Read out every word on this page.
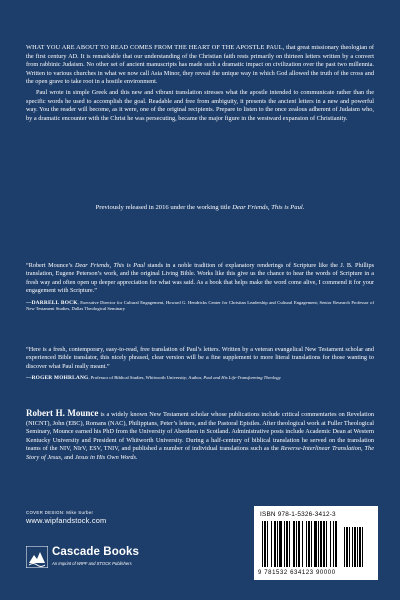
WHAT YOU ARE ABOUT TO READ COMES FROM THE HEART OF THE APOSTLE PAUL, that great missionary theologian of the first century AD. It is remarkable that our understanding of the Christian faith rests primarily on thirteen letters written by a convert from rabbinic Judaism. No other set of ancient manuscripts has made such a dramatic impact on civilization over the past two millennia. Written to various churches in what we now call Asia Minor, they reveal the unique way in which God allowed the truth of the cross and the open grave to take root in a hostile environment.

Paul wrote in simple Greek and this new and vibrant translation stresses what the apostle intended to communicate rather than the specific words he used to accomplish the goal. Readable and free from ambiguity, it presents the ancient letters in a new and powerful way. You the reader will become, as it were, one of the original recipients. Prepare to listen to the once zealous adherent of Judaism who, by a dramatic encounter with the Christ he was persecuting, became the major figure in the westward expansion of Christianity.

Previously released in 2016 under the working title Dear Friends, This is Paul.

“Robert Mounce’s Dear Friends, This is Paul stands in a noble tradition of explanatory renderings of Scripture like the J. B. Phillips translation, Eugene Peterson’s work, and the original Living Bible. Works like this give us the chance to hear the words of Scripture in a fresh way and often open up deeper appreciation for what was said. As a book that helps make the word come alive, I commend it for your engagement with Scripture.”

—DARRELL BOCK, Executive Director for Cultural Engagement, Howard G. Hendricks Center for Christian Leadership and Cultural Engagement; Senior Research Professor of New Testament Studies, Dallas Theological Seminary

“Here is a fresh, contemporary, easy-to-read, free translation of Paul’s letters. Written by a veteran evangelical New Testament scholar and experienced Bible translator, this nicely phrased, clear version will be a fine supplement to more literal translations for those wanting to discover what Paul really meant.”

—ROGER MOHRLANG, Professor of Biblical Studies, Whitworth University; Author, Paul and His Life-Transforming Theology
Robert H. Mounce is a widely known New Testament scholar whose publications include critical commentaries on Revelation (NICNT), John (EBC), Romans (NAC), Philippians, Peter’s letters, and the Pastoral Epistles. After theological work at Fuller Theological Seminary, Mounce earned his PhD from the University of Aberdeen in Scotland. Administrative posts include Academic Dean at Western Kentucky University and President of Whitworth University. During a half-century of biblical translation he served on the translation teams of the NIV, NIrV, ESV, TNIV, and published a number of individual translations such as the Reverse-Interlinear Translation, The Story of Jesus, and Jesus in His Own Words.
COVER DESIGN: Mike Surber
www.wipfandstock.com
Cascade Books
An Imprint of WIPF and STOCK Publishers
ISBN 978-1-5326-3412-3
9 781532 634123 90000
